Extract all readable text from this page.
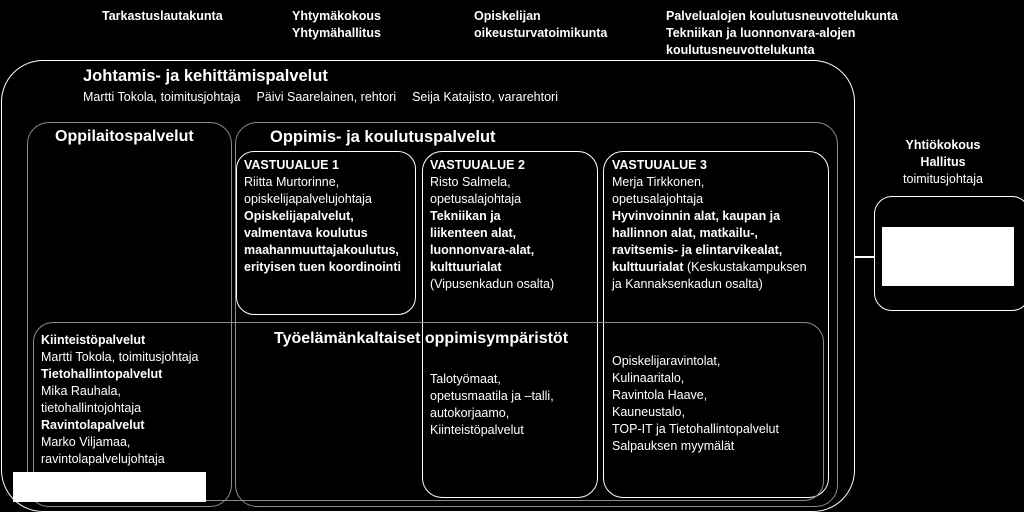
Tarkastuslautakunta	Yhtymäkokous
Yhtymähallitus
Opiskelijan
oikeusturvatoimikunta
Palvelualojen koulutusneuvottelukunta
Tekniikan ja luonnonvara-alojen
koulutusneuvottelukunta
Johtamis- ja kehittämispalvelut
Martti Tokola, toimitusjohtaja Päivi Saarelainen, rehtori Seija Katajisto, vararehtori
Oppilaitospalvelut	Oppimis- ja koulutuspalvelut
VASTUUALUE 1
Riitta Murtorinne,
opiskelijapalvelujohtaja
Opiskelijapalvelut,
valmentava koulutus
maahanmuuttajakoulutus,
erityisen tuen koordinointi
VASTUUALUE 2
Risto Salmela,
opetusalajohtaja
Tekniikan ja
liikenteen alat,
luonnonvara-alat,
kulttuurialat
(Vipusenkadun osalta)
VASTUUALUE 3
Merja Tirkkonen,
opetusalajohtaja
Hyvinvoinnin alat, kaupan ja
hallinnon alat, matkailu-,
ravitsemis- ja elintarvikealat,
kulttuurialat (Keskustakampuksen
ja Kannaksenkadun osalta)
Työelämänkaltaiset oppimisympäristöt
Kiinteistöpalvelut
Martti Tokola, toimitusjohtaja
Tietohallintopalvelut
Mika Rauhala,
tietohallintojohtaja
Ravintolapalvelut
Marko Viljamaa,
ravintolapalvelujohtaja
Talotyömaat,
opetusmaatila ja –talli,
autokorjaamo,
Kiinteistöpalvelut
Opiskelijaravintolat,
Kulinaaritalo,
Ravintola Haave,
Kauneustalo,
TOP-IT ja Tietohallintopalvelut
Salpauksen myymälät
Yhtiökokous
Hallitus
toimitusjohtaja
